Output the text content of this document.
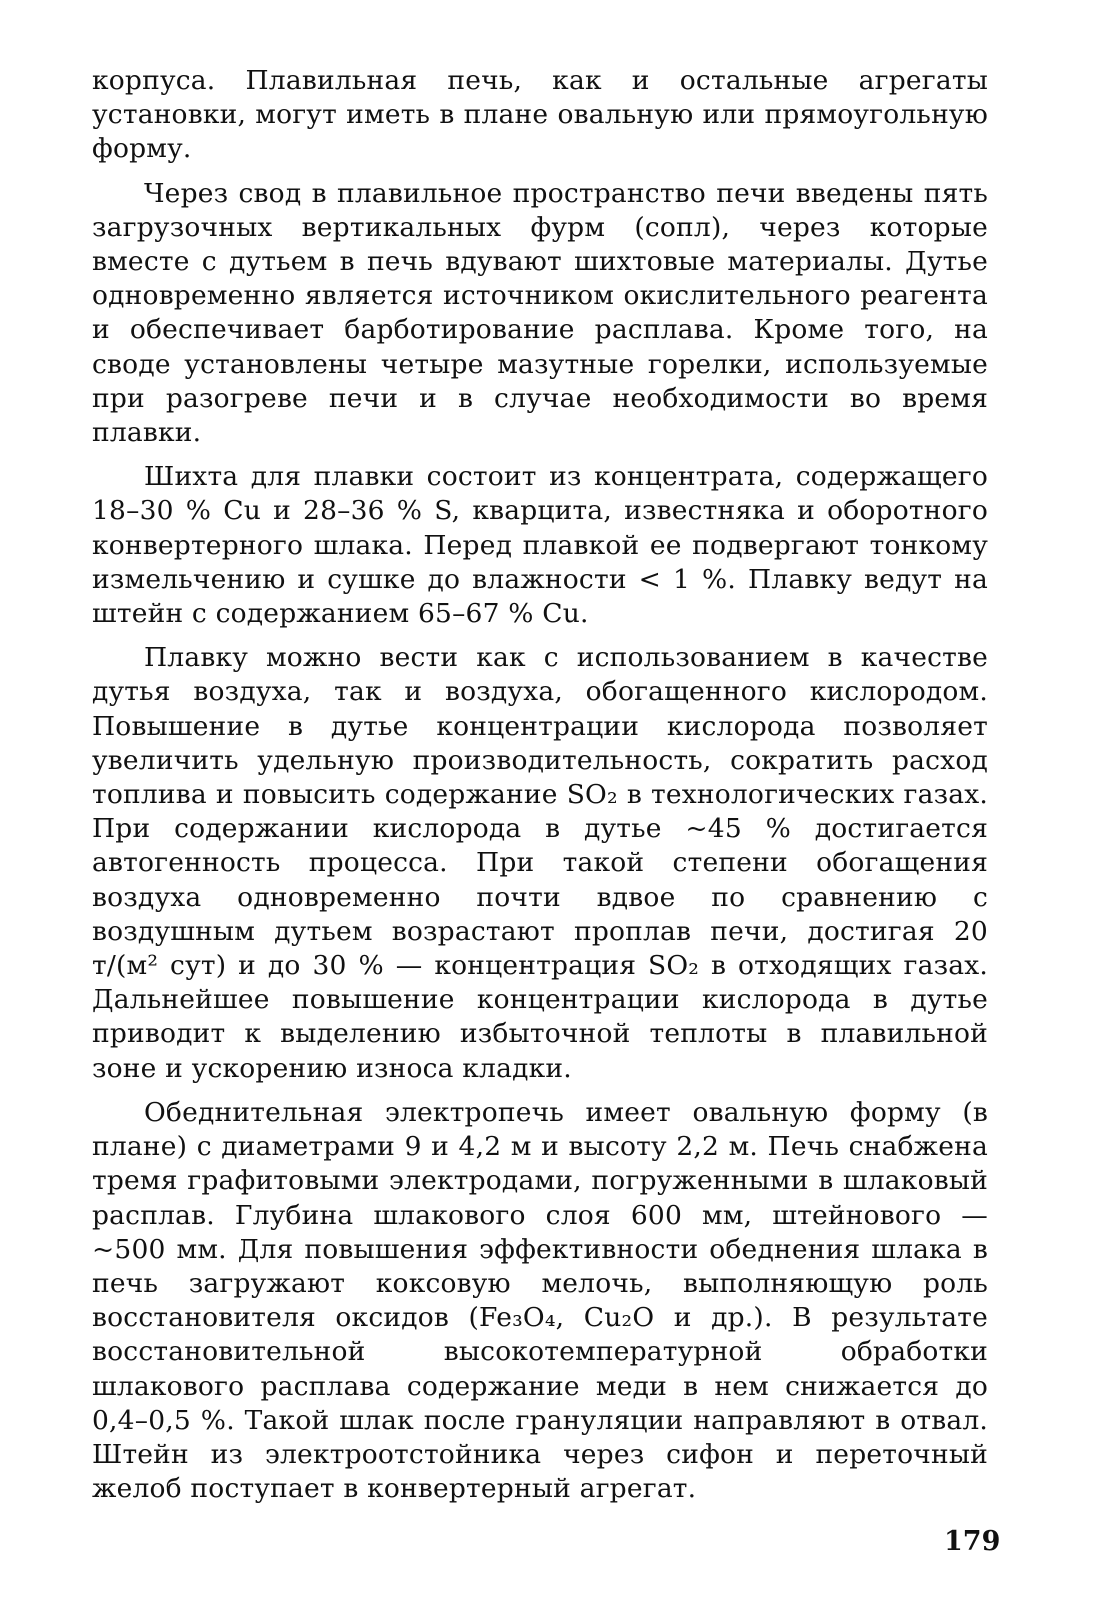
корпуса. Плавильная печь, как и остальные агрегаты установки, могут иметь в плане овальную или прямоугольную форму.

Через свод в плавильное пространство печи введены пять загрузочных вертикальных фурм (сопл), через которые вместе с дутьем в печь вдувают шихтовые материалы. Дутье одновременно является источником окислительного реагента и обеспечивает барботирование расплава. Кроме того, на своде установлены четыре мазутные горелки, используемые при разогреве печи и в случае необходимости во время плавки.

Шихта для плавки состоит из концентрата, содержащего 18–30 % Cu и 28–36 % S, кварцита, известняка и оборотного конвертерного шлака. Перед плавкой ее подвергают тонкому измельчению и сушке до влажности < 1 %. Плавку ведут на штейн с содержанием 65–67 % Cu.

Плавку можно вести как с использованием в качестве дутья воздуха, так и воздуха, обогащенного кислородом. Повышение в дутье концентрации кислорода позволяет увеличить удельную производительность, сократить расход топлива и повысить содержание SO₂ в технологических газах. При содержании кислорода в дутье ~45 % достигается автогенность процесса. При такой степени обогащения воздуха одновременно почти вдвое по сравнению с воздушным дутьем возрастают проплав печи, достигая 20 т/(м² сут) и до 30 % — концентрация SO₂ в отходящих газах. Дальнейшее повышение концентрации кислорода в дутье приводит к выделению избыточной теплоты в плавильной зоне и ускорению износа кладки.

Обеднительная электропечь имеет овальную форму (в плане) с диаметрами 9 и 4,2 м и высоту 2,2 м. Печь снабжена тремя графитовыми электродами, погруженными в шлаковый расплав. Глубина шлакового слоя 600 мм, штейнового — ~500 мм. Для повышения эффективности обеднения шлака в печь загружают коксовую мелочь, выполняющую роль восстановителя оксидов (Fe₃O₄, Cu₂O и др.). В результате восстановительной высокотемпературной обработки шлакового расплава содержание меди в нем снижается до 0,4–0,5 %. Такой шлак после грануляции направляют в отвал. Штейн из электроотстойника через сифон и переточный желоб поступает в конвертерный агрегат.

179
